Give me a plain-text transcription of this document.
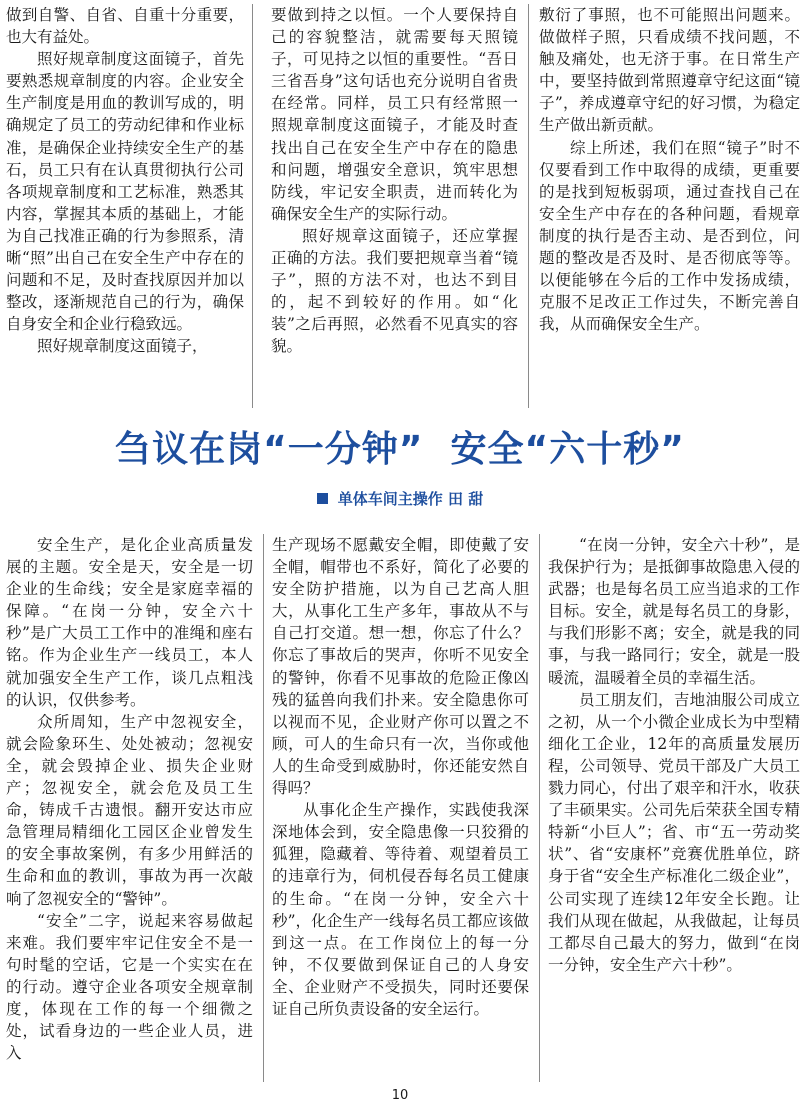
做到自警、自省、自重十分重要，也大有益处。

照好规章制度这面镜子，首先要熟悉规章制度的内容。企业安全生产制度是用血的教训写成的，明确规定了员工的劳动纪律和作业标准，是确保企业持续安全生产的基石，员工只有在认真贯彻执行公司各项规章制度和工艺标准，熟悉其内容，掌握其本质的基础上，才能为自己找准正确的行为参照系，清晰“照”出自己在安全生产中存在的问题和不足，及时查找原因并加以整改，逐渐规范自己的行为，确保自身安全和企业行稳致远。

照好规章制度这面镜子，

要做到持之以恒。一个人要保持自己的容貌整洁，就需要每天照镜子，可见持之以恒的重要性。“吾日三省吾身”这句话也充分说明自省贵在经常。同样，员工只有经常照一照规章制度这面镜子，才能及时查找出自己在安全生产中存在的隐患和问题，增强安全意识，筑牢思想防线，牢记安全职责，进而转化为确保安全生产的实际行动。

照好规章这面镜子，还应掌握正确的方法。我们要把规章当着“镜子”，照的方法不对，也达不到目的，起不到较好的作用。如“化装”之后再照，必然看不见真实的容貌。

敷衍了事照，也不可能照出问题来。做做样子照，只看成绩不找问题，不触及痛处，也无济于事。在日常生产中，要坚持做到常照遵章守纪这面“镜子”，养成遵章守纪的好习惯，为稳定生产做出新贡献。

综上所述，我们在照“镜子”时不仅要看到工作中取得的成绩，更重要的是找到短板弱项，通过查找自己在安全生产中存在的各种问题，看规章制度的执行是否主动、是否到位，问题的整改是否及时、是否彻底等等。以便能够在今后的工作中发扬成绩，克服不足改正工作过失，不断完善自我，从而确保安全生产。

刍议在岗“一分钟”  安全“六十秒”
单体车间主操作 田 甜

安全生产，是化企业高质量发展的主题。安全是天，安全是一切企业的生命线；安全是家庭幸福的保障。“在岗一分钟，安全六十秒”是广大员工工作中的准绳和座右铭。作为企业生产一线员工，本人就加强安全生产工作，谈几点粗浅的认识，仅供参考。

众所周知，生产中忽视安全，就会险象环生、处处被动；忽视安全，就会毁掉企业、损失企业财产；忽视安全，就会危及员工生命，铸成千古遗恨。翻开安达市应急管理局精细化工园区企业曾发生的安全事故案例，有多少用鲜活的生命和血的教训，事故为再一次敲响了忽视安全的“警钟”。

“安全”二字，说起来容易做起来难。我们要牢牢记住安全不是一句时髦的空话，它是一个实实在在的行动。遵守企业各项安全规章制度，体现在工作的每一个细微之处，试看身边的一些企业人员，进入

生产现场不愿戴安全帽，即使戴了安全帽，帽带也不系好，简化了必要的安全防护措施，以为自己艺高人胆大，从事化工生产多年，事故从不与自己打交道。想一想，你忘了什么？你忘了事故后的哭声，你听不见安全的警钟，你看不见事故的危险正像凶残的猛兽向我们扑来。安全隐患你可以视而不见，企业财产你可以置之不顾，可人的生命只有一次，当你或他人的生命受到威胁时，你还能安然自得吗？

从事化企生产操作，实践使我深深地体会到，安全隐患像一只狡猾的狐狸，隐藏着、等待着、观望着员工的违章行为，伺机侵吞每名员工健康的生命。“在岗一分钟，安全六十秒”，化企生产一线每名员工都应该做到这一点。在工作岗位上的每一分钟，不仅要做到保证自己的人身安全、企业财产不受损失，同时还要保证自己所负责设备的安全运行。

“在岗一分钟，安全六十秒”，是我保护行为；是抵御事故隐患入侵的武器；也是每名员工应当追求的工作目标。安全，就是每名员工的身影，与我们形影不离；安全，就是我的同事，与我一路同行；安全，就是一股暖流，温暖着全员的幸福生活。

员工朋友们，吉地油服公司成立之初，从一个小微企业成长为中型精细化工企业，12年的高质量发展历程，公司领导、党员干部及广大员工戮力同心，付出了艰辛和汗水，收获了丰硕果实。公司先后荣获全国专精特新“小巨人”；省、市“五一劳动奖状”、省“安康杯”竞赛优胜单位，跻身于省“安全生产标准化二级企业”，公司实现了连续12年安全长跑。让我们从现在做起，从我做起，让每员工都尽自己最大的努力，做到“在岗一分钟，安全生产六十秒”。

10
